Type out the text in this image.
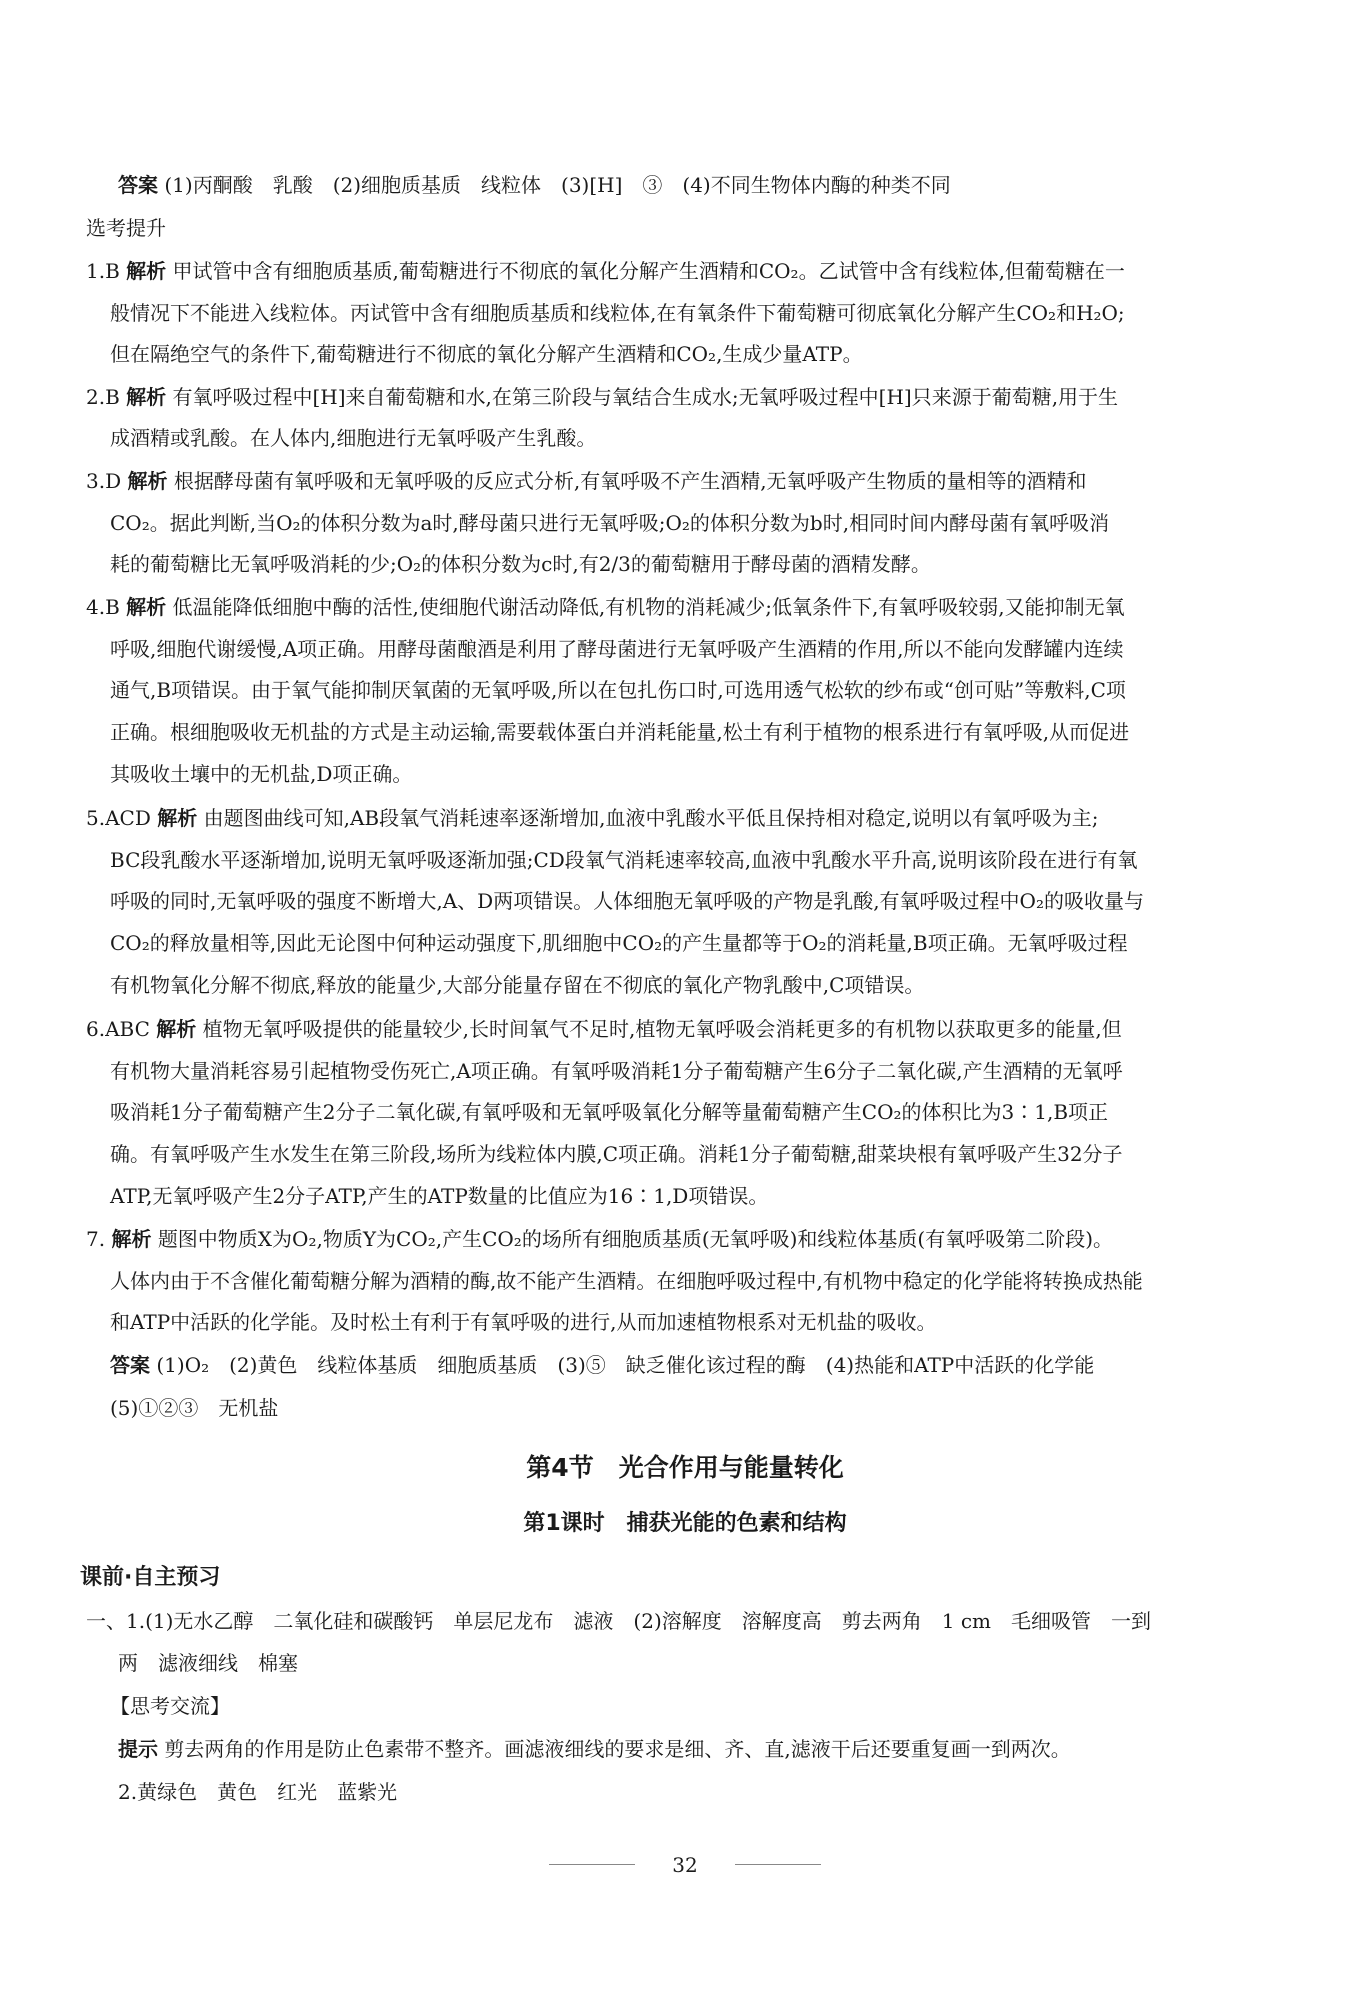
答案 (1)丙酮酸　乳酸　(2)细胞质基质　线粒体　(3)[H]　③　(4)不同生物体内酶的种类不同
选考提升
1.B 解析 甲试管中含有细胞质基质,葡萄糖进行不彻底的氧化分解产生酒精和CO₂。乙试管中含有线粒体,但葡萄糖在一
般情况下不能进入线粒体。丙试管中含有细胞质基质和线粒体,在有氧条件下葡萄糖可彻底氧化分解产生CO₂和H₂O;
但在隔绝空气的条件下,葡萄糖进行不彻底的氧化分解产生酒精和CO₂,生成少量ATP。
2.B 解析 有氧呼吸过程中[H]来自葡萄糖和水,在第三阶段与氧结合生成水;无氧呼吸过程中[H]只来源于葡萄糖,用于生
成酒精或乳酸。在人体内,细胞进行无氧呼吸产生乳酸。
3.D 解析 根据酵母菌有氧呼吸和无氧呼吸的反应式分析,有氧呼吸不产生酒精,无氧呼吸产生物质的量相等的酒精和
CO₂。据此判断,当O₂的体积分数为a时,酵母菌只进行无氧呼吸;O₂的体积分数为b时,相同时间内酵母菌有氧呼吸消
耗的葡萄糖比无氧呼吸消耗的少;O₂的体积分数为c时,有2/3的葡萄糖用于酵母菌的酒精发酵。
4.B 解析 低温能降低细胞中酶的活性,使细胞代谢活动降低,有机物的消耗减少;低氧条件下,有氧呼吸较弱,又能抑制无氧
呼吸,细胞代谢缓慢,A项正确。用酵母菌酿酒是利用了酵母菌进行无氧呼吸产生酒精的作用,所以不能向发酵罐内连续
通气,B项错误。由于氧气能抑制厌氧菌的无氧呼吸,所以在包扎伤口时,可选用透气松软的纱布或“创可贴”等敷料,C项
正确。根细胞吸收无机盐的方式是主动运输,需要载体蛋白并消耗能量,松土有利于植物的根系进行有氧呼吸,从而促进
其吸收土壤中的无机盐,D项正确。
5.ACD 解析 由题图曲线可知,AB段氧气消耗速率逐渐增加,血液中乳酸水平低且保持相对稳定,说明以有氧呼吸为主;
BC段乳酸水平逐渐增加,说明无氧呼吸逐渐加强;CD段氧气消耗速率较高,血液中乳酸水平升高,说明该阶段在进行有氧
呼吸的同时,无氧呼吸的强度不断增大,A、D两项错误。人体细胞无氧呼吸的产物是乳酸,有氧呼吸过程中O₂的吸收量与
CO₂的释放量相等,因此无论图中何种运动强度下,肌细胞中CO₂的产生量都等于O₂的消耗量,B项正确。无氧呼吸过程
有机物氧化分解不彻底,释放的能量少,大部分能量存留在不彻底的氧化产物乳酸中,C项错误。
6.ABC 解析 植物无氧呼吸提供的能量较少,长时间氧气不足时,植物无氧呼吸会消耗更多的有机物以获取更多的能量,但
有机物大量消耗容易引起植物受伤死亡,A项正确。有氧呼吸消耗1分子葡萄糖产生6分子二氧化碳,产生酒精的无氧呼
吸消耗1分子葡萄糖产生2分子二氧化碳,有氧呼吸和无氧呼吸氧化分解等量葡萄糖产生CO₂的体积比为3∶1,B项正
确。有氧呼吸产生水发生在第三阶段,场所为线粒体内膜,C项正确。消耗1分子葡萄糖,甜菜块根有氧呼吸产生32分子
ATP,无氧呼吸产生2分子ATP,产生的ATP数量的比值应为16∶1,D项错误。
7. 解析 题图中物质X为O₂,物质Y为CO₂,产生CO₂的场所有细胞质基质(无氧呼吸)和线粒体基质(有氧呼吸第二阶段)。
人体内由于不含催化葡萄糖分解为酒精的酶,故不能产生酒精。在细胞呼吸过程中,有机物中稳定的化学能将转换成热能
和ATP中活跃的化学能。及时松土有利于有氧呼吸的进行,从而加速植物根系对无机盐的吸收。
答案 (1)O₂　(2)黄色　线粒体基质　细胞质基质　(3)⑤　缺乏催化该过程的酶　(4)热能和ATP中活跃的化学能
(5)①②③　无机盐
第4节　光合作用与能量转化
第1课时　捕获光能的色素和结构
课前·自主预习
一、1.(1)无水乙醇　二氧化硅和碳酸钙　单层尼龙布　滤液　(2)溶解度　溶解度高　剪去两角　1 cm　毛细吸管　一到
两　滤液细线　棉塞
【思考交流】
提示 剪去两角的作用是防止色素带不整齐。画滤液细线的要求是细、齐、直,滤液干后还要重复画一到两次。
2.黄绿色　黄色　红光　蓝紫光
32
